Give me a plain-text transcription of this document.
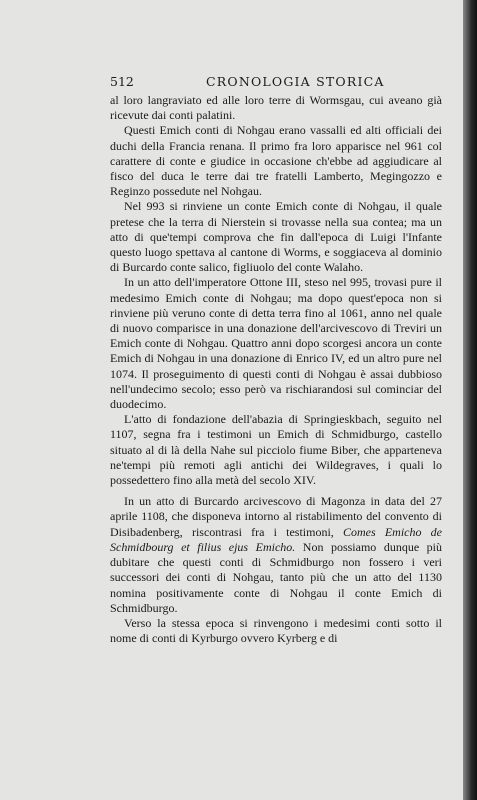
512	CRONOLOGIA STORICA

al loro langraviato ed alle loro terre di Wormsgau, cui aveano già ricevute dai conti palatini.

Questi Emich conti di Nohgau erano vassalli ed alti officiali dei duchi della Francia renana. Il primo fra loro apparisce nel 961 col carattere di conte e giudice in occasione ch'ebbe ad aggiudicare al fisco del duca le terre dai tre fratelli Lamberto, Megingozzo e Reginzo possedute nel Nohgau.

Nel 993 si rinviene un conte Emich conte di Nohgau, il quale pretese che la terra di Nierstein si trovasse nella sua contea; ma un atto di que'tempi comprova che fin dall'epoca di Luigi l'Infante questo luogo spettava al cantone di Worms, e soggiaceva al dominio di Burcardo conte salico, figliuolo del conte Walaho.

In un atto dell'imperatore Ottone III, steso nel 995, trovasi pure il medesimo Emich conte di Nohgau; ma dopo quest'epoca non si rinviene più veruno conte di detta terra fino al 1061, anno nel quale di nuovo comparisce in una donazione dell'arcivescovo di Treviri un Emich conte di Nohgau. Quattro anni dopo scorgesi ancora un conte Emich di Nohgau in una donazione di Enrico IV, ed un altro pure nel 1074. Il proseguimento di questi conti di Nohgau è assai dubbioso nell'undecimo secolo; esso però va rischiarandosi sul cominciar del duodecimo.

L'atto di fondazione dell'abazia di Springieskbach, seguito nel 1107, segna fra i testimoni un Emich di Schmidburgo, castello situato al di là della Nahe sul picciolo fiume Biber, che apparteneva ne'tempi più remoti agli antichi dei Wildegraves, i quali lo possedettero fino alla metà del secolo XIV.

In un atto di Burcardo arcivescovo di Magonza in data del 27 aprile 1108, che disponeva intorno al ristabilimento del convento di Disibadenberg, riscontrasi fra i testimoni, Comes Emicho de Schmidbourg et filius ejus Emicho. Non possiamo dunque più dubitare che questi conti di Schmidburgo non fossero i veri successori dei conti di Nohgau, tanto più che un atto del 1130 nomina positivamente conte di Nohgau il conte Emich di Schmidburgo.

Verso la stessa epoca si rinvengono i medesimi conti sotto il nome di conti di Kyrburgo ovvero Kyrberg e di
